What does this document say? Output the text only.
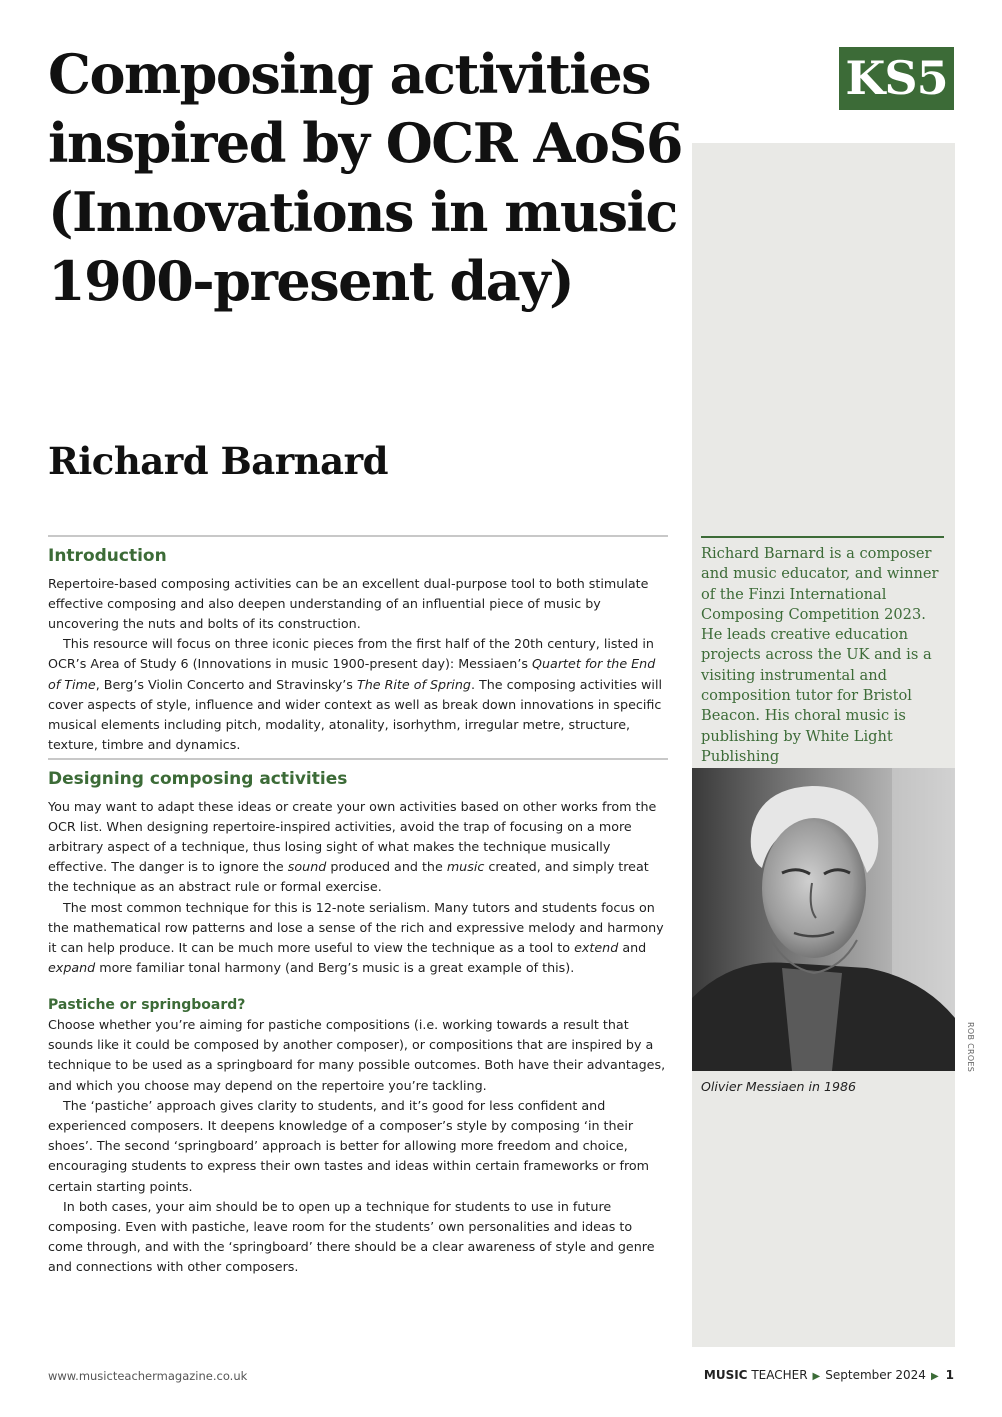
Composing activities inspired by OCR AoS6 (Innovations in music 1900-present day)
Richard Barnard
KS5

Richard Barnard is a composer and music educator, and winner of the Finzi International Composing Competition 2023. He leads creative education projects across the UK and is a visiting instrumental and composition tutor for Bristol Beacon. His choral music is publishing by White Light Publishing

ROB CROES

Olivier Messiaen in 1986

Introduction

Repertoire-based composing activities can be an excellent dual-purpose tool to both stimulate effective composing and also deepen understanding of an influential piece of music by uncovering the nuts and bolts of its construction.

This resource will focus on three iconic pieces from the first half of the 20th century, listed in OCR’s Area of Study 6 (Innovations in music 1900-present day): Messiaen’s Quartet for the End of Time, Berg’s Violin Concerto and Stravinsky’s The Rite of Spring. The composing activities will cover aspects of style, influence and wider context as well as break down innovations in specific musical elements including pitch, modality, atonality, isorhythm, irregular metre, structure, texture, timbre and dynamics.

Designing composing activities

You may want to adapt these ideas or create your own activities based on other works from the OCR list. When designing repertoire-inspired activities, avoid the trap of focusing on a more arbitrary aspect of a technique, thus losing sight of what makes the technique musically effective. The danger is to ignore the sound produced and the music created, and simply treat the technique as an abstract rule or formal exercise.

The most common technique for this is 12-note serialism. Many tutors and students focus on the mathematical row patterns and lose a sense of the rich and expressive melody and harmony it can help produce. It can be much more useful to view the technique as a tool to extend and expand more familiar tonal harmony (and Berg’s music is a great example of this).

Pastiche or springboard?

Choose whether you’re aiming for pastiche compositions (i.e. working towards a result that sounds like it could be composed by another composer), or compositions that are inspired by a technique to be used as a springboard for many possible outcomes. Both have their advantages, and which you choose may depend on the repertoire you’re tackling.

The ‘pastiche’ approach gives clarity to students, and it’s good for less confident and experienced composers. It deepens knowledge of a composer’s style by composing ‘in their shoes’. The second ‘springboard’ approach is better for allowing more freedom and choice, encouraging students to express their own tastes and ideas within certain frameworks or from certain starting points.

In both cases, your aim should be to open up a technique for students to use in future composing. Even with pastiche, leave room for the students’ own personalities and ideas to come through, and with the ‘springboard’ there should be a clear awareness of style and genre and connections with other composers.

www.musicteachermagazine.co.uk	MUSIC TEACHER ▶ September 2024 ▶ 1
